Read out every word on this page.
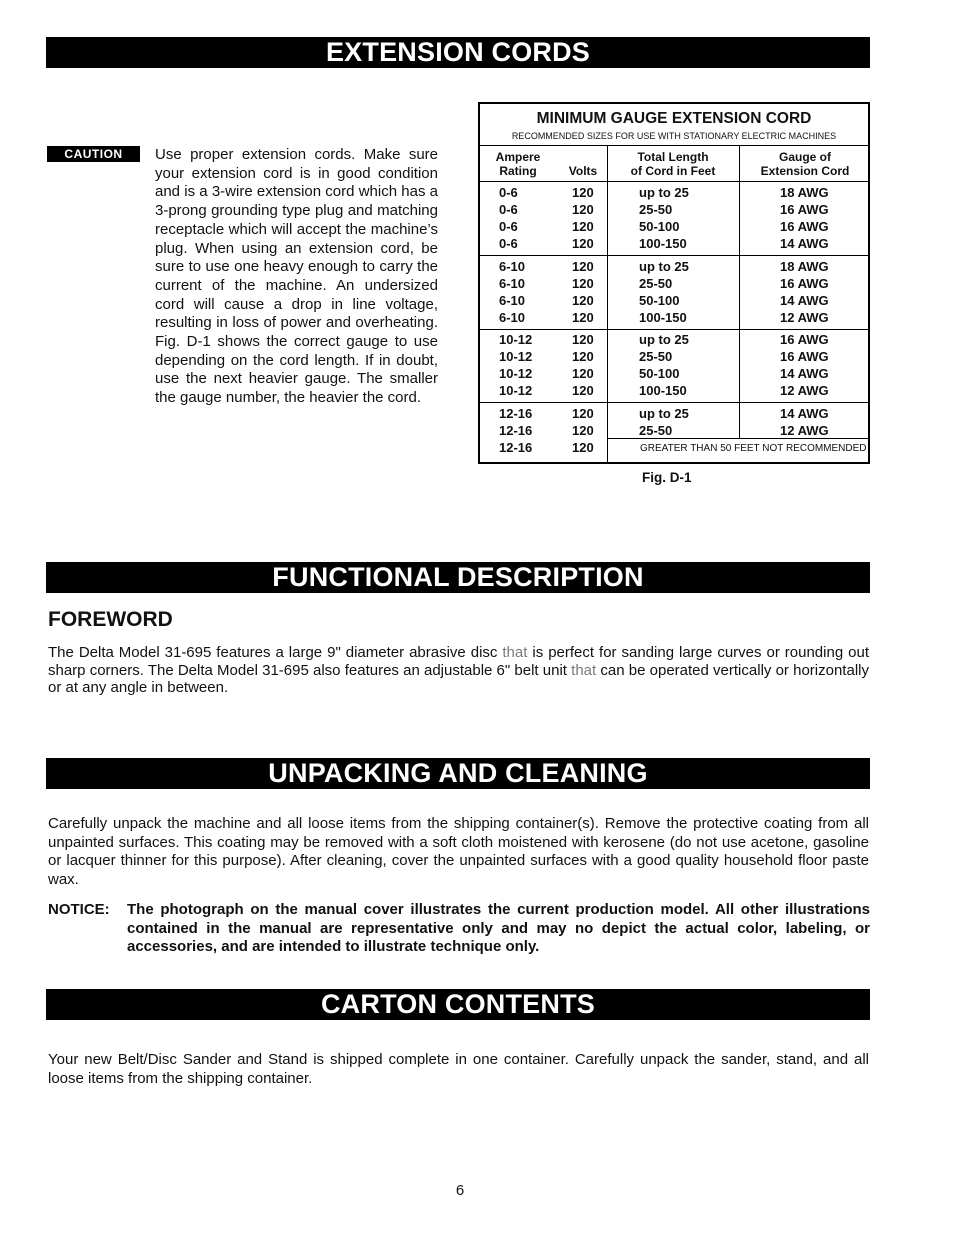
EXTENSION CORDS
CAUTION	Use proper extension cords. Make sure your extension cord is in good condition and is a 3-wire extension cord which has a 3-prong grounding type plug and matching receptacle which will accept the machine’s plug. When using an extension cord, be sure to use one heavy enough to carry the current of the machine. An undersized cord will cause a drop in line voltage, resulting in loss of power and overheating. Fig. D-1 shows the correct gauge to use depending on the cord length. If in doubt, use the next heavier gauge. The smaller the gauge number, the heavier the cord.

MINIMUM GAUGE EXTENSION CORD
RECOMMENDED SIZES FOR USE WITH STATIONARY ELECTRIC MACHINES
Ampere
Rating	Volts
Total Length
of Cord in Feet
Gauge of
Extension Cord
0-6
0-6
0-6
0-6
120
120
120
120
up to 25
25-50
50-100
100-150
18 AWG
16 AWG
16 AWG
14 AWG
6-10
6-10
6-10
6-10
120
120
120
120
up to 25
25-50
50-100
100-150
18 AWG
16 AWG
14 AWG
12 AWG
10-12
10-12
10-12
10-12
120
120
120
120
up to 25
25-50
50-100
100-150
16 AWG
16 AWG
14 AWG
12 AWG
12-16
12-16
12-16
120
120
120
up to 25
25-50
14 AWG
12 AWG
GREATER THAN 50 FEET NOT RECOMMENDED
Fig. D-1
FUNCTIONAL DESCRIPTION
FOREWORD

The Delta Model 31-695 features a large 9" diameter abrasive disc that is perfect for sanding large curves or rounding out sharp corners. The Delta Model 31-695 also features an adjustable 6" belt unit that can be operated vertically or horizontally or at any angle in between.

UNPACKING AND CLEANING

Carefully unpack the machine and all loose items from the shipping container(s). Remove the protective coating from all unpainted surfaces. This coating may be removed with a soft cloth moistened with kerosene (do not use acetone, gasoline or lacquer thinner for this purpose). After cleaning, cover the unpainted surfaces with a good quality household floor paste wax.

NOTICE: The photograph on the manual cover illustrates the current production model. All other illustrations contained in the manual are representative only and may no depict the actual color, labeling, or accessories, and are intended to illustrate technique only.

CARTON CONTENTS

Your new Belt/Disc Sander and Stand is shipped complete in one container. Carefully unpack the sander, stand, and all loose items from the shipping container.

6
